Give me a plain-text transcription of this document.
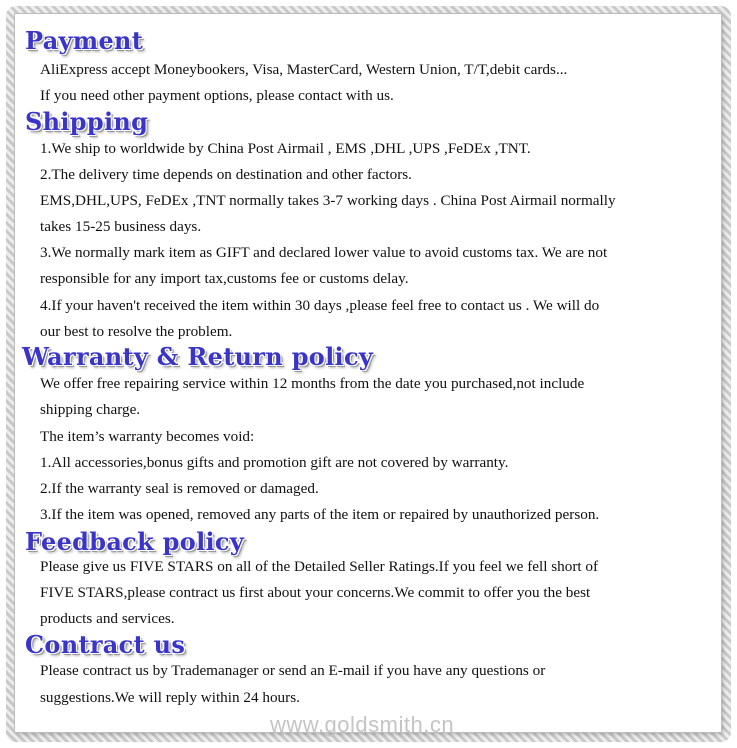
Payment
AliExpress accept Moneybookers, Visa, MasterCard, Western Union, T/T,debit cards...
If you need other payment options, please contact with us.
Shipping
1.We ship to worldwide by China Post Airmail , EMS ,DHL ,UPS ,FeDEx ,TNT.
2.The delivery time depends on destination and other factors.
EMS,DHL,UPS, FeDEx ,TNT normally takes 3-7 working days . China Post Airmail normally
takes 15-25 business days.
3.We normally mark item as GIFT and declared lower value to avoid customs tax. We are not
responsible for any import tax,customs fee or customs delay.
4.If your haven't received the item within 30 days ,please feel free to contact us . We will do
our best to resolve the problem.
Warranty & Return policy
We offer free repairing service within 12 months from the date you purchased,not include
shipping charge.
The item’s warranty becomes void:
1.All accessories,bonus gifts and promotion gift are not covered by warranty.
2.If the warranty seal is removed or damaged.
3.If the item was opened, removed any parts of the item or repaired by unauthorized person.
Feedback policy
Please give us FIVE STARS on all of the Detailed Seller Ratings.If you feel we fell short of
FIVE STARS,please contract us first about your concerns.We commit to offer you the best
products and services.
Contract us
Please contract us by Trademanager or send an E-mail if you have any questions or
suggestions.We will reply within 24 hours.
www.goldsmith.cn
